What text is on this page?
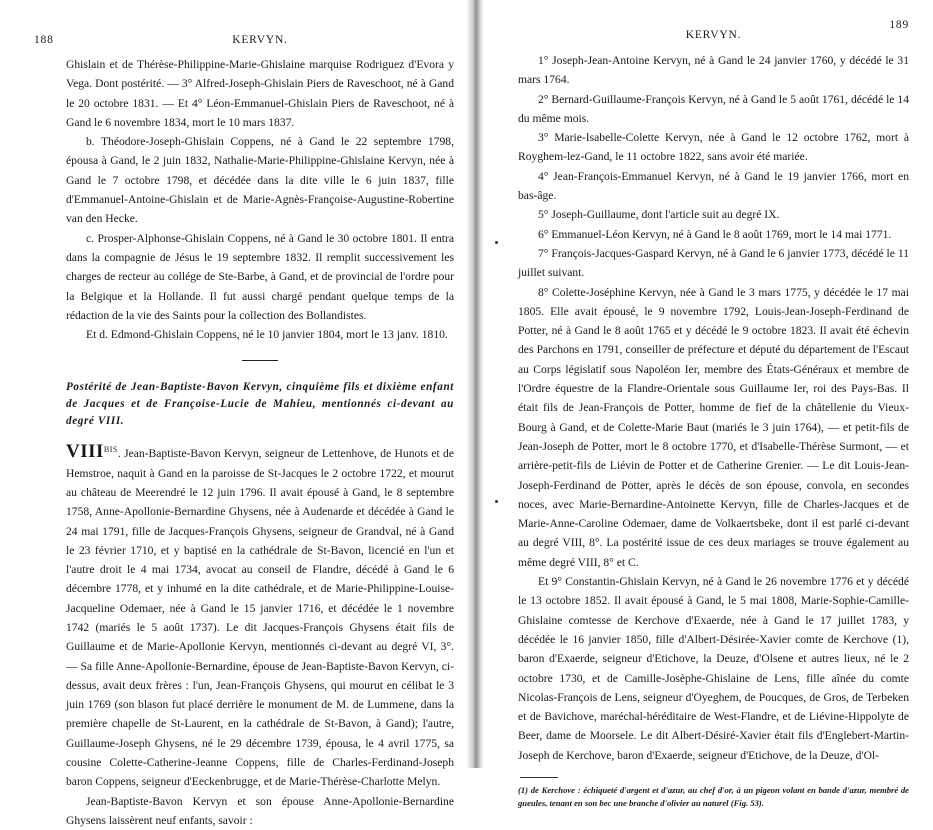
188	KERVYN.

Ghislain et de Thérèse-Philippine-Marie-Ghislaine marquise Rodriguez d'Evora y Vega. Dont postérité. — 3° Alfred-Joseph-Ghislain Piers de Raveschoot, né à Gand le 20 octobre 1831. — Et 4° Léon-Emmanuel-Ghislain Piers de Raveschoot, né à Gand le 6 novembre 1834, mort le 10 mars 1837.

b. Théodore-Joseph-Ghislain Coppens, né à Gand le 22 septembre 1798, épousa à Gand, le 2 juin 1832, Nathalie-Marie-Philippine-Ghislaine Kervyn, née à Gand le 7 octobre 1798, et décédée dans la dite ville le 6 juin 1837, fille d'Emmanuel-Antoine-Ghislain et de Marie-Agnès-Françoise-Augustine-Robertine van den Hecke.

c. Prosper-Alphonse-Ghislain Coppens, né à Gand le 30 octobre 1801. Il entra dans la compagnie de Jésus le 19 septembre 1832. Il remplit successivement les charges de recteur au collége de Ste-Barbe, à Gand, et de provincial de l'ordre pour la Belgique et la Hollande. Il fut aussi chargé pendant quelque temps de la rédaction de la vie des Saints pour la collection des Bollandistes.

Et d. Edmond-Ghislain Coppens, né le 10 janvier 1804, mort le 13 janv. 1810.

Postérité de Jean-Baptiste-Bavon Kervyn, cinquième fils et dixième enfant de Jacques et de Françoise-Lucie de Mahieu, mentionnés ci-devant au degré VIII.

$VIII^{BIS}$. Jean-Baptiste-Bavon Kervyn, seigneur de Lettenhove, de Hunots et de Hemstroe, naquit à Gand en la paroisse de St-Jacques le 2 octobre 1722, et mourut au château de Meerendré le 12 juin 1796. Il avait épousé à Gand, le 8 septembre 1758, Anne-Apollonie-Bernardine Ghysens, née à Audenarde et décédée à Gand le 24 mai 1791, fille de Jacques-François Ghysens, seigneur de Grandval, né à Gand le 23 février 1710, et y baptisé en la cathédrale de St-Bavon, licencié en l'un et l'autre droit le 4 mai 1734, avocat au conseil de Flandre, décédé à Gand le 6 décembre 1778, et y inhumé en la dite cathédrale, et de Marie-Philippine-Louise-Jacqueline Odemaer, née à Gand le 15 janvier 1716, et décédée le 1 novembre 1742 (mariés le 5 août 1737). Le dit Jacques-François Ghysens était fils de Guillaume et de Marie-Apollonie Kervyn, mentionnés ci-devant au degré VI, 3°. — Sa fille Anne-Apollonie-Bernardine, épouse de Jean-Baptiste-Bavon Kervyn, ci-dessus, avait deux frères : l'un, Jean-François Ghysens, qui mourut en célibat le 3 juin 1769 (son blason fut placé derrière le monument de M. de Lummene, dans la première chapelle de St-Laurent, en la cathédrale de St-Bavon, à Gand); l'autre, Guillaume-Joseph Ghysens, né le 29 décembre 1739, épousa, le 4 avril 1775, sa cousine Colette-Catherine-Jeanne Coppens, fille de Charles-Ferdinand-Joseph baron Coppens, seigneur d'Eeckenbrugge, et de Marie-Thérèse-Charlotte Melyn.

Jean-Baptiste-Bavon Kervyn et son épouse Anne-Apollonie-Bernardine Ghysens laissèrent neuf enfants, savoir :

KERVYN.
189

1° Joseph-Jean-Antoine Kervyn, né à Gand le 24 janvier 1760, y décédé le 31 mars 1764.

2° Bernard-Guillaume-François Kervyn, né à Gand le 5 août 1761, décédé le 14 du même mois.

3° Marie-Isabelle-Colette Kervyn, née à Gand le 12 octobre 1762, mort à Royghem-lez-Gand, le 11 octobre 1822, sans avoir été mariée.

4° Jean-François-Emmanuel Kervyn, né à Gand le 19 janvier 1766, mort en bas-âge.

5° Joseph-Guillaume, dont l'article suit au degré IX.

6° Emmanuel-Léon Kervyn, né à Gand le 8 août 1769, mort le 14 mai 1771.

7° François-Jacques-Gaspard Kervyn, né à Gand le 6 janvier 1773, décédé le 11 juillet suivant.

8° Colette-Joséphine Kervyn, née à Gand le 3 mars 1775, y décédée le 17 mai 1805. Elle avait épousé, le 9 novembre 1792, Louis-Jean-Joseph-Ferdinand de Potter, né à Gand le 8 août 1765 et y décédé le 9 octobre 1823. Il avait été échevin des Parchons en 1791, conseiller de préfecture et député du département de l'Escaut au Corps législatif sous Napoléon Ier, membre des États-Généraux et membre de l'Ordre équestre de la Flandre-Orientale sous Guillaume Ier, roi des Pays-Bas. Il était fils de Jean-François de Potter, homme de fief de la châtellenie du Vieux-Bourg à Gand, et de Colette-Marie Baut (mariés le 3 juin 1764), — et petit-fils de Jean-Joseph de Potter, mort le 8 octobre 1770, et d'Isabelle-Thérèse Surmont, — et arrière-petit-fils de Liévin de Potter et de Catherine Grenier. — Le dit Louis-Jean-Joseph-Ferdinand de Potter, après le décès de son épouse, convola, en secondes noces, avec Marie-Bernardine-Antoinette Kervyn, fille de Charles-Jacques et de Marie-Anne-Caroline Odemaer, dame de Volkaertsbeke, dont il est parlé ci-devant au degré VIII, 8°. La postérité issue de ces deux mariages se trouve également au même degré VIII, 8° et C.

Et 9° Constantin-Ghislain Kervyn, né à Gand le 26 novembre 1776 et y décédé le 13 octobre 1852. Il avait épousé à Gand, le 5 mai 1808, Marie-Sophie-Camille-Ghislaine comtesse de Kerchove d'Exaerde, née à Gand le 17 juillet 1783, y décédée le 16 janvier 1850, fille d'Albert-Désirée-Xavier comte de Kerchove (1), baron d'Exaerde, seigneur d'Etichove, la Deuze, d'Olsene et autres lieux, né le 2 octobre 1730, et de Camille-Josèphe-Ghislaine de Lens, fille aînée du comte Nicolas-François de Lens, seigneur d'Oyeghem, de Poucques, de Gros, de Terbeken et de Bavichove, maréchal-héréditaire de West-Flandre, et de Liévine-Hippolyte de Beer, dame de Moorsele. Le dit Albert-Désiré-Xavier était fils d'Englebert-Martin-Joseph de Kerchove, baron d'Exaerde, seigneur d'Etichove, de la Deuze, d'Ol-

(1) de Kerchove : échiqueté d'argent et d'azur, au chef d'or, à un pigeon volant en bande d'azur, membré de gueules, tenant en son bec une branche d'olivier au naturel (Fig. 53).
